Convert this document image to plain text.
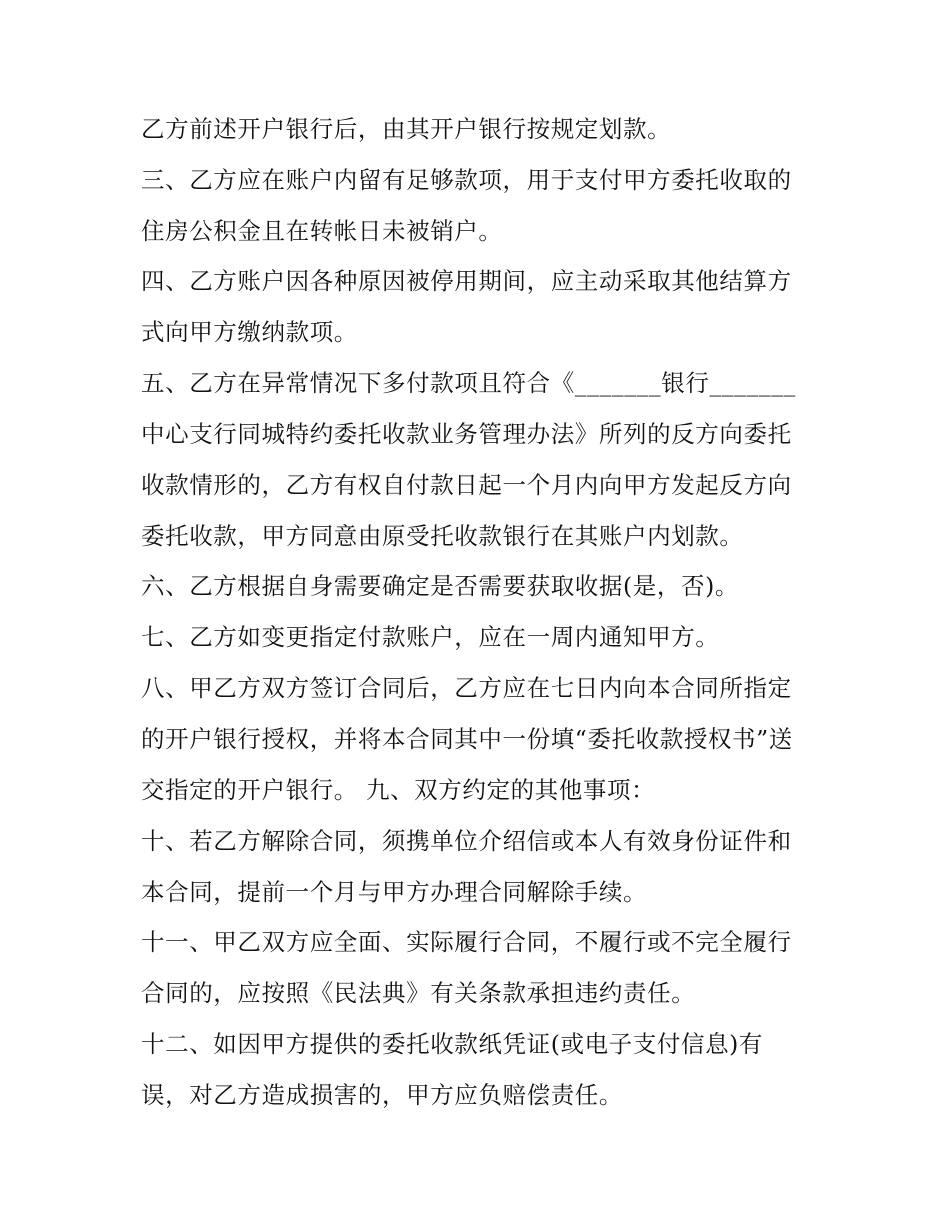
乙方前述开户银行后，由其开户银行按规定划款。
三、乙方应在账户内留有足够款项，用于支付甲方委托收取的
住房公积金且在转帐日未被销户。
四、乙方账户因各种原因被停用期间，应主动采取其他结算方
式向甲方缴纳款项。
五、乙方在异常情况下多付款项且符合《_______银行_______
中心支行同城特约委托收款业务管理办法》所列的反方向委托
收款情形的，乙方有权自付款日起一个月内向甲方发起反方向
委托收款，甲方同意由原受托收款银行在其账户内划款。
六、乙方根据自身需要确定是否需要获取收据(是，否)。
七、乙方如变更指定付款账户，应在一周内通知甲方。
八、甲乙方双方签订合同后，乙方应在七日内向本合同所指定
的开户银行授权，并将本合同其中一份填“委托收款授权书”送
交指定的开户银行。 九、双方约定的其他事项：
十、若乙方解除合同，须携单位介绍信或本人有效身份证件和
本合同，提前一个月与甲方办理合同解除手续。
十一、甲乙双方应全面、实际履行合同，不履行或不完全履行
合同的，应按照《民法典》有关条款承担违约责任。
十二、如因甲方提供的委托收款纸凭证(或电子支付信息)有
误，对乙方造成损害的，甲方应负赔偿责任。
